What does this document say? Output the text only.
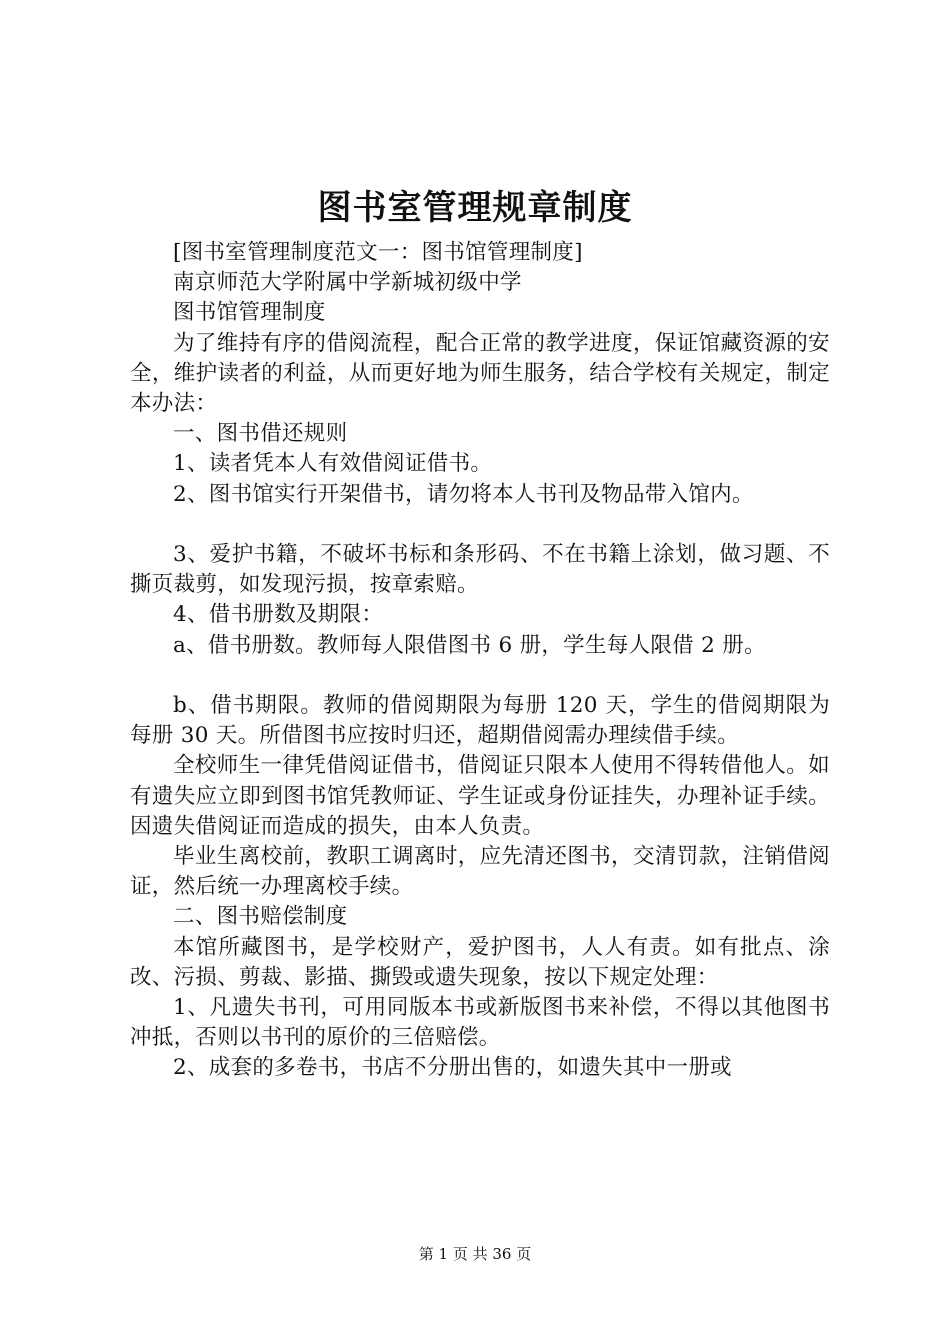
图书室管理规章制度

[图书室管理制度范文一：图书馆管理制度]

南京师范大学附属中学新城初级中学

图书馆管理制度

为了维持有序的借阅流程，配合正常的教学进度，保证馆藏资源的安全，维护读者的利益，从而更好地为师生服务，结合学校有关规定，制定本办法：

一、图书借还规则

1、读者凭本人有效借阅证借书。

2、图书馆实行开架借书，请勿将本人书刊及物品带入馆内。

3、爱护书籍，不破坏书标和条形码、不在书籍上涂划，做习题、不撕页裁剪，如发现污损，按章索赔。

4、借书册数及期限：

a、借书册数。教师每人限借图书 6 册，学生每人限借 2 册。

b、借书期限。教师的借阅期限为每册 120 天，学生的借阅期限为每册 30 天。所借图书应按时归还，超期借阅需办理续借手续。

全校师生一律凭借阅证借书，借阅证只限本人使用不得转借他人。如有遗失应立即到图书馆凭教师证、学生证或身份证挂失，办理补证手续。因遗失借阅证而造成的损失，由本人负责。

毕业生离校前，教职工调离时，应先清还图书，交清罚款，注销借阅证，然后统一办理离校手续。

二、图书赔偿制度

本馆所藏图书，是学校财产，爱护图书，人人有责。如有批点、涂改、污损、剪裁、影描、撕毁或遗失现象，按以下规定处理：

1、凡遗失书刊，可用同版本书或新版图书来补偿，不得以其他图书冲抵，否则以书刊的原价的三倍赔偿。

2、成套的多卷书，书店不分册出售的，如遗失其中一册或

第 1 页 共 36 页
